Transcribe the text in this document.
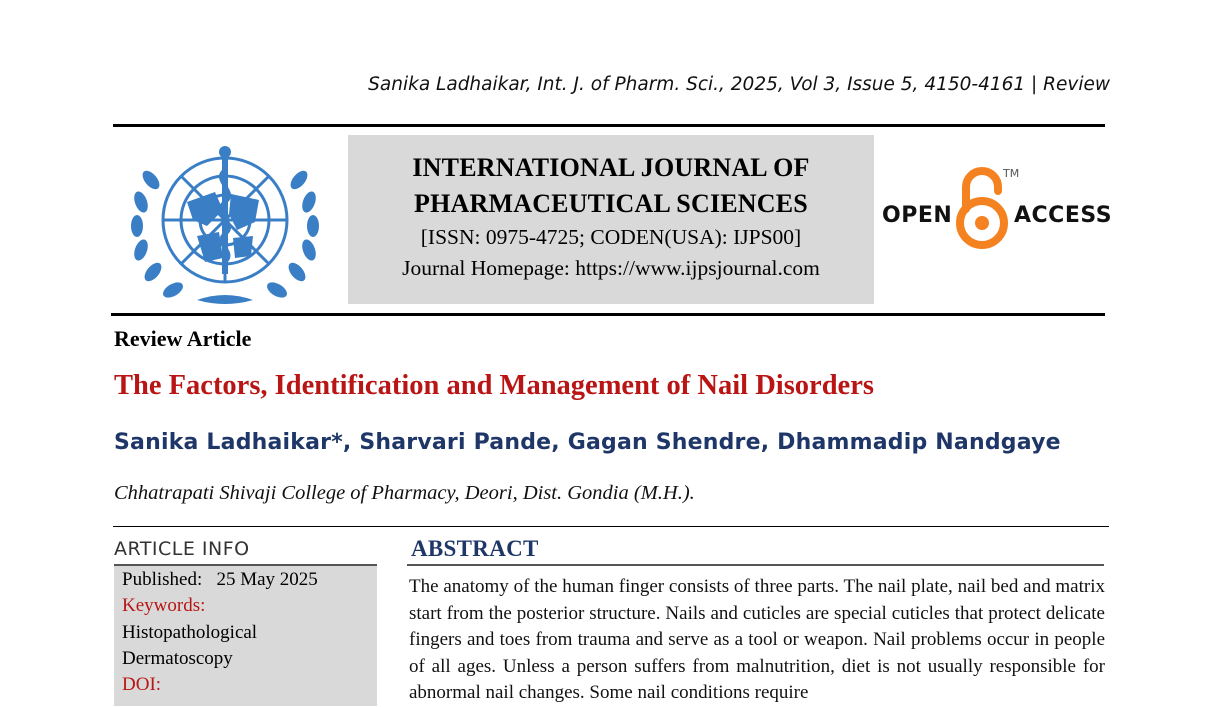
Sanika Ladhaikar, Int. J. of Pharm. Sci., 2025, Vol 3, Issue 5, 4150-4161 | Review
INTERNATIONAL JOURNAL OF
PHARMACEUTICAL SCIENCES
[ISSN: 0975-4725; CODEN(USA): IJPS00]
Journal Homepage: https://www.ijpsjournal.com
OPEN
TM
ACCESS
Review Article
The Factors, Identification and Management of Nail Disorders
Sanika Ladhaikar*, Sharvari Pande, Gagan Shendre, Dhammadip Nandgaye
Chhatrapati Shivaji College of Pharmacy, Deori, Dist. Gondia (M.H.).
ARTICLE INFO
Published: 25 May 2025
Keywords:
Histopathological
Dermatoscopy
DOI:
ABSTRACT
The anatomy of the human finger consists of three parts. The nail plate, nail bed and matrix start from the posterior structure. Nails and cuticles are special cuticles that protect delicate fingers and toes from trauma and serve as a tool or weapon. Nail problems occur in people of all ages. Unless a person suffers from malnutrition, diet is not usually responsible for abnormal nail changes. Some nail conditions require
